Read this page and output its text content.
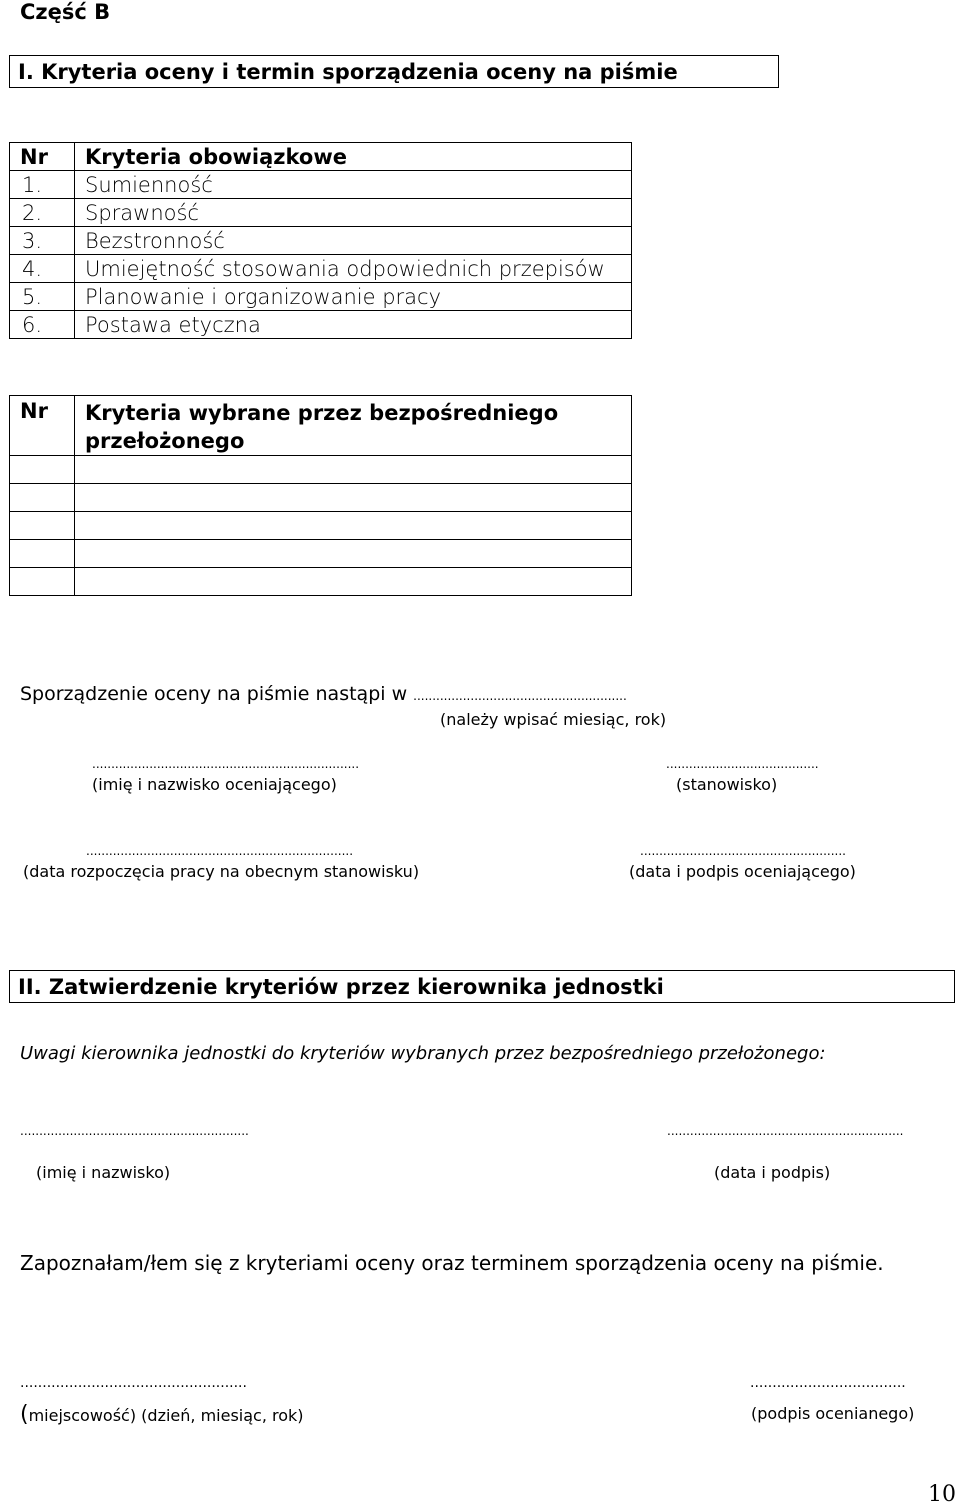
Część B
I. Kryteria oceny i termin sporządzenia oceny na piśmie
Nr	Kryteria obowiązkowe
1.	Sumienność
2.	Sprawność
3.	Bezstronność
4.	Umiejętność stosowania odpowiednich przepisów
5.	Planowanie i organizowanie pracy
6.	Postawa etyczna
Nr	Kryteria wybrane przez bezpośredniego
przełożonego

Sporządzenie oceny na piśmie nastąpi w ........................................................
(należy wpisać miesiąc, rok)
......................................................................
(imię i nazwisko oceniającego)
........................................
(stanowisko)
......................................................................
(data rozpoczęcia pracy na obecnym stanowisku)
......................................................
(data i podpis oceniającego)
II. Zatwierdzenie kryteriów przez kierownika jednostki
Uwagi kierownika jednostki do kryteriów wybranych przez bezpośredniego przełożonego:
............................................................
(imię i nazwisko)
..............................................................
(data i podpis)
Zapoznałam/łem się z kryteriami oceny oraz terminem sporządzenia oceny na piśmie.
...................................................
(miejscowość) (dzień, miesiąc, rok)
...................................
(podpis ocenianego)
10
